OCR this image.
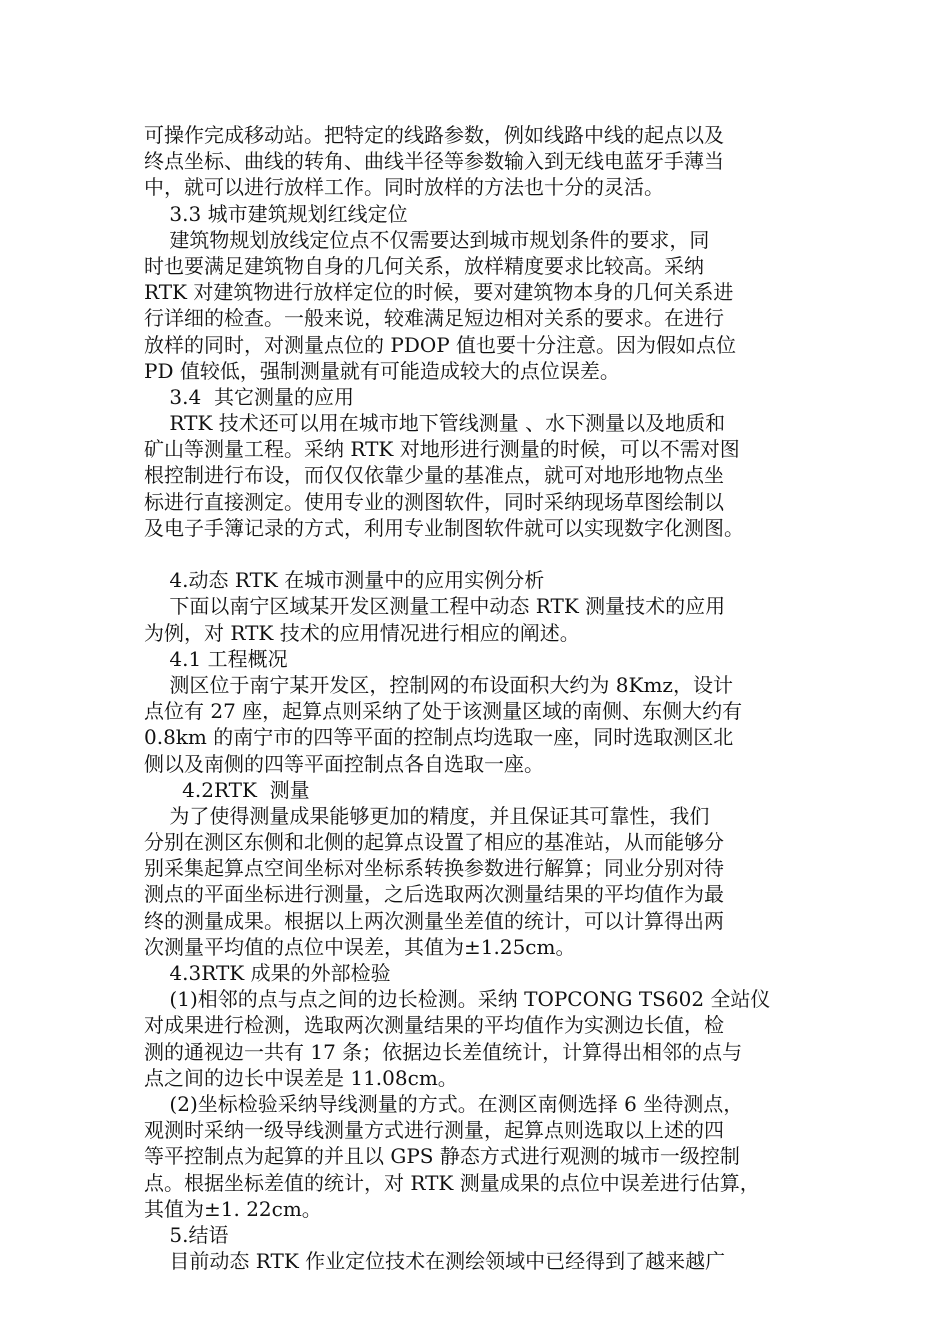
可操作完成移动站。把特定的线路参数，例如线路中线的起点以及
终点坐标、曲线的转角、曲线半径等参数输入到无线电蓝牙手薄当
中，就可以进行放样工作。同时放样的方法也十分的灵活。
3.3 城市建筑规划红线定位
建筑物规划放线定位点不仅需要达到城市规划条件的要求，同
时也要满足建筑物自身的几何关系，放样精度要求比较高。采纳
RTK 对建筑物进行放样定位的时候，要对建筑物本身的几何关系进
行详细的检查。一般来说，较难满足短边相对关系的要求。在进行
放样的同时，对测量点位的 PDOP 值也要十分注意。因为假如点位
PD 值较低，强制测量就有可能造成较大的点位误差。
3.4  其它测量的应用
RTK 技术还可以用在城市地下管线测量 、水下测量以及地质和
矿山等测量工程。采纳 RTK 对地形进行测量的时候，可以不需对图
根控制进行布设，而仅仅依靠少量的基准点，就可对地形地物点坐
标进行直接测定。使用专业的测图软件，同时采纳现场草图绘制以
及电子手簿记录的方式，利用专业制图软件就可以实现数字化测图。
4.动态 RTK 在城市测量中的应用实例分析
下面以南宁区域某开发区测量工程中动态 RTK 测量技术的应用
为例，对 RTK 技术的应用情况进行相应的阐述。
4.1 工程概况
测区位于南宁某开发区，控制网的布设面积大约为 8Kmz，设计
点位有 27 座，起算点则采纳了处于该测量区域的南侧、东侧大约有
0.8km 的南宁市的四等平面的控制点均选取一座，同时选取测区北
侧以及南侧的四等平面控制点各自选取一座。
4.2RTK  测量
为了使得测量成果能够更加的精度，并且保证其可靠性，我们
分别在测区东侧和北侧的起算点设置了相应的基准站，从而能够分
别采集起算点空间坐标对坐标系转换参数进行解算；同业分别对待
测点的平面坐标进行测量，之后选取两次测量结果的平均值作为最
终的测量成果。根据以上两次测量坐差值的统计，可以计算得出两
次测量平均值的点位中误差，其值为±1.25cm。
4.3RTK 成果的外部检验
(1)相邻的点与点之间的边长检测。采纳 TOPCONG TS602 全站仪
对成果进行检测，选取两次测量结果的平均值作为实测边长值，检
测的通视边一共有 17 条；依据边长差值统计，计算得出相邻的点与
点之间的边长中误差是 11.08cm。
(2)坐标检验采纳导线测量的方式。在测区南侧选择 6 坐待测点，
观测时采纳一级导线测量方式进行测量，起算点则选取以上述的四
等平控制点为起算的并且以 GPS 静态方式进行观测的城市一级控制
点。根据坐标差值的统计，对 RTK 测量成果的点位中误差进行估算，
其值为±1. 22cm。
5.结语
目前动态 RTK 作业定位技术在测绘领域中已经得到了越来越广
